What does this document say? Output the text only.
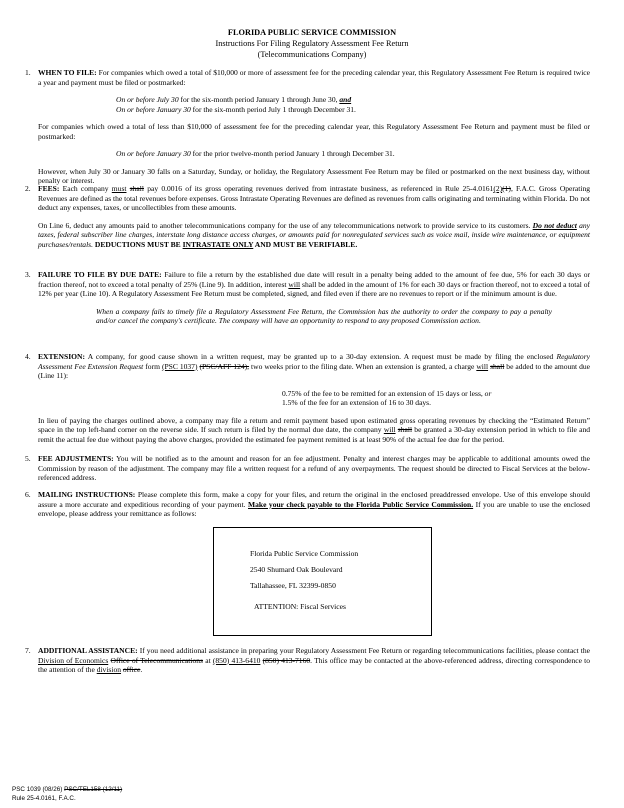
FLORIDA PUBLIC SERVICE COMMISSION
Instructions For Filing Regulatory Assessment Fee Return
(Telecommunications Company)
1. WHEN TO FILE: For companies which owed a total of $10,000 or more of assessment fee for the preceding calendar year, this Regulatory Assessment Fee Return is required twice a year and payment must be filed or postmarked:

On or before July 30 for the six-month period January 1 through June 30, and

On or before January 30 for the six-month period July 1 through December 31.

For companies which owed a total of less than $10,000 of assessment fee for the preceding calendar year, this Regulatory Assessment Fee Return and payment must be filed or postmarked:

On or before January 30 for the prior twelve-month period January 1 through December 31.

However, when July 30 or January 30 falls on a Saturday, Sunday, or holiday, the Regulatory Assessment Fee Return may be filed or postmarked on the next business day, without penalty or interest.

2. FEES: Each company must shall pay 0.0016 of its gross operating revenues derived from intrastate business, as referenced in Rule 25-4.0161(2)(1), F.A.C. Gross Operating Revenues are defined as the total revenues before expenses. Gross Intrastate Operating Revenues are defined as revenues from calls originating and terminating within Florida. Do not deduct any expenses, taxes, or uncollectibles from these amounts.

On Line 6, deduct any amounts paid to another telecommunications company for the use of any telecommunications network to provide service to its customers. Do not deduct any taxes, federal subscriber line charges, interstate long distance access charges, or amounts paid for nonregulated services such as voice mail, inside wire maintenance, or equipment purchases/rentals. DEDUCTIONS MUST BE INTRASTATE ONLY AND MUST BE VERIFIABLE.

3. FAILURE TO FILE BY DUE DATE: Failure to file a return by the established due date will result in a penalty being added to the amount of fee due, 5% for each 30 days or fraction thereof, not to exceed a total penalty of 25% (Line 9). In addition, interest will shall be added in the amount of 1% for each 30 days or fraction thereof, not to exceed a total of 12% per year (Line 10). A Regulatory Assessment Fee Return must be completed, signed, and filed even if there are no revenues to report or if the minimum amount is due.

When a company fails to timely file a Regulatory Assessment Fee Return, the Commission has the authority to order the company to pay a penalty and/or cancel the company's certificate. The company will have an opportunity to respond to any proposed Commission action.

4. EXTENSION: A company, for good cause shown in a written request, may be granted up to a 30-day extension. A request must be made by filing the enclosed Regulatory Assessment Fee Extension Request form (PSC 1037) (PSC/AFF 124), two weeks prior to the filing date. When an extension is granted, a charge will shall be added to the amount due (Line 11):

0.75% of the fee to be remitted for an extension of 15 days or less, or

1.5% of the fee for an extension of 16 to 30 days.

In lieu of paying the charges outlined above, a company may file a return and remit payment based upon estimated gross operating revenues by checking the “Estimated Return” space in the top left-hand corner on the reverse side. If such return is filed by the normal due date, the company will shall be granted a 30-day extension period in which to file and remit the actual fee due without paying the above charges, provided the estimated fee payment remitted is at least 90% of the actual fee due for the period.

5. FEE ADJUSTMENTS: You will be notified as to the amount and reason for an fee adjustment. Penalty and interest charges may be applicable to additional amounts owed the Commission by reason of the adjustment. The company may file a written request for a refund of any overpayments. The request should be directed to Fiscal Services at the below-referenced address.

6. MAILING INSTRUCTIONS: Please complete this form, make a copy for your files, and return the original in the enclosed preaddressed envelope. Use of this envelope should assure a more accurate and expeditious recording of your payment. Make your check payable to the Florida Public Service Commission. If you are unable to use the enclosed envelope, please address your remittance as follows:

Florida Public Service Commission
2540 Shumard Oak Boulevard
Tallahassee, FL 32399-0850
ATTENTION: Fiscal Services
7. ADDITIONAL ASSISTANCE: If you need additional assistance in preparing your Regulatory Assessment Fee Return or regarding telecommunications facilities, please contact the Division of Economics Office of Telecommunications at (850) 413-6410 (850) 413-7160. This office may be contacted at the above-referenced address, directing correspondence to the attention of the division office.

PSC 1039 (08/26) PSC/TEL158 (12/11)
Rule 25-4.0161, F.A.C.
